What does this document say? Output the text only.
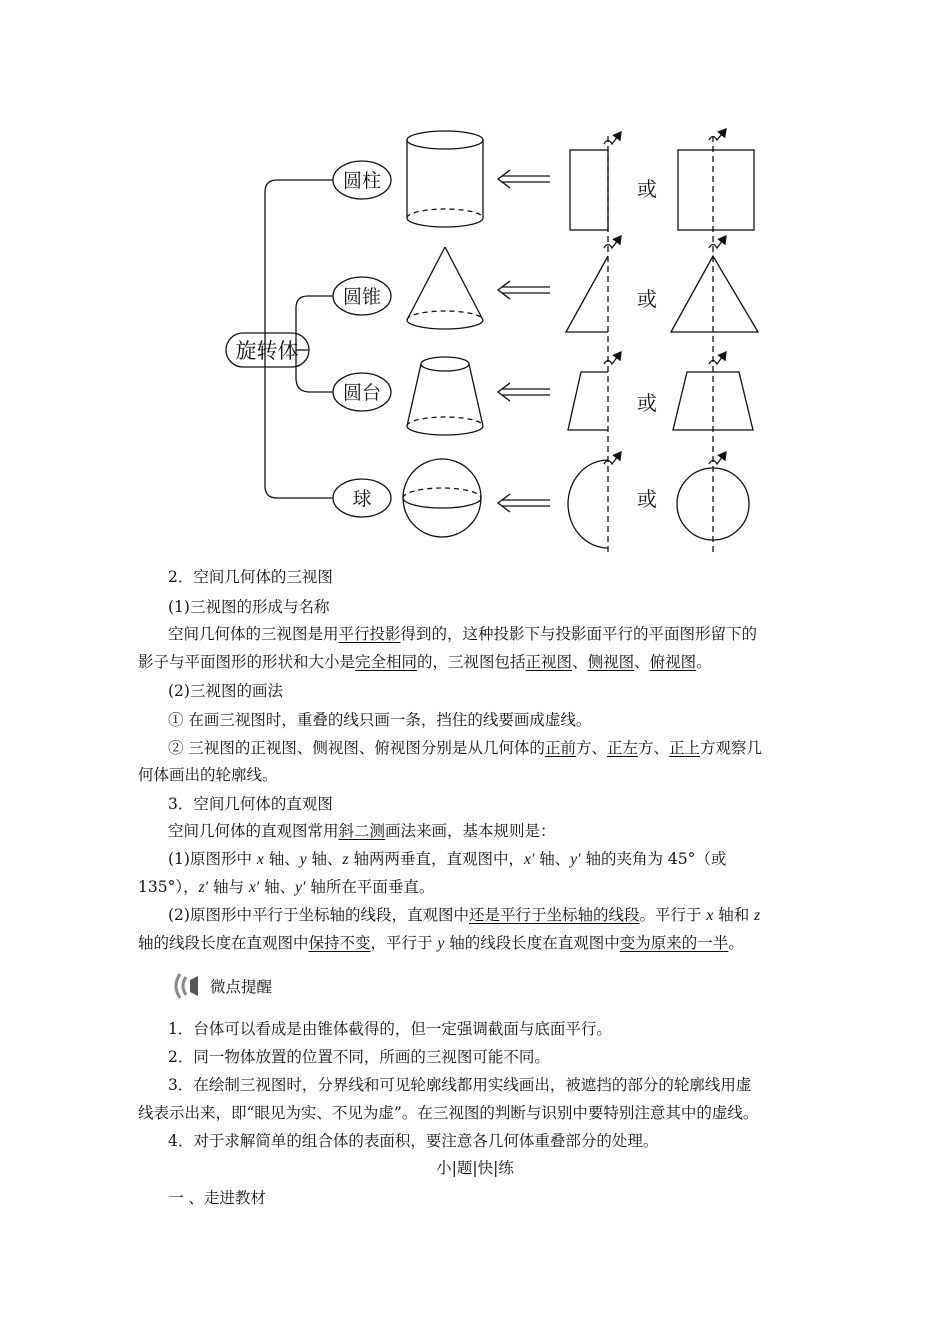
旋转体
圆柱
圆锥
圆台
球
或
或
或
或
2．空间几何体的三视图
(1)三视图的形成与名称
空间几何体的三视图是用平行投影得到的，这种投影下与投影面平行的平面图形留下的
影子与平面图形的形状和大小是完全相同的，三视图包括正视图、侧视图、俯视图。
(2)三视图的画法
① 在画三视图时，重叠的线只画一条，挡住的线要画成虚线。
② 三视图的正视图、侧视图、俯视图分别是从几何体的正前方、正左方、正上方观察几
何体画出的轮廓线。
3．空间几何体的直观图
空间几何体的直观图常用斜二测画法来画，基本规则是：
(1)原图形中 x 轴、y 轴、z 轴两两垂直，直观图中，x′ 轴、y′ 轴的夹角为 45°（或
135°），z′ 轴与 x′ 轴、y′ 轴所在平面垂直。
(2)原图形中平行于坐标轴的线段，直观图中还是平行于坐标轴的线段。平行于 x 轴和 z
轴的线段长度在直观图中保持不变，平行于 y 轴的线段长度在直观图中变为原来的一半。
微点提醒
1．台体可以看成是由锥体截得的，但一定强调截面与底面平行。
2．同一物体放置的位置不同，所画的三视图可能不同。
3．在绘制三视图时，分界线和可见轮廓线都用实线画出，被遮挡的部分的轮廓线用虚
线表示出来，即“眼见为实、不见为虚”。在三视图的判断与识别中要特别注意其中的虚线。
4．对于求解简单的组合体的表面积，要注意各几何体重叠部分的处理。
小|题|快|练
一 、走进教材
